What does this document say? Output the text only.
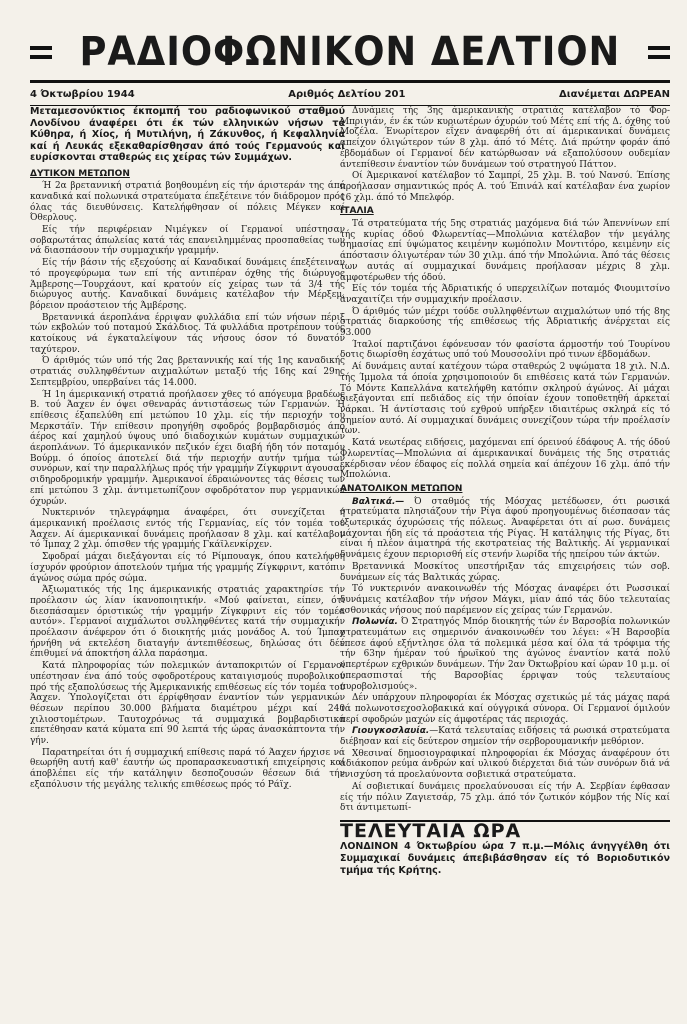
ΡΑΔΙΟΦΩΝΙΚΟΝ ΔΕΛΤΙΟΝ
4 Όκτωβρίου 1944	Αριθμός Δελτίου 201	Διανέμεται ΔΩΡΕΑΝ
Μεταμεσονύκτιος έκπομπή του ραδιοφωνικού σταθμού Λονδίνου άναφέρει ότι έκ τών ελληνικών νήσων τά Κύθηρα, ή Χίος, ή Μυτιλήνη, ή Ζάκυνθος, ή Κεφαλληνία καί ή Λευκάς εξεκαθαρίσθησαν άπό τούς Γερμανούς καί ευρίσκονται σταθερώς εις χείρας τών Συμμάχων.
ΔΥΤΙΚΟΝ ΜΕΤΩΠΟΝ

Ή 2α βρεταννική στρατιά βοηθουμένη είς τήν άριστεράν της άπό καναδικά καί πολωνικά στρατεύματα έπεξέτεινε τόν διάδρομον πρός όλας τάς διευθύνσεις. Κατελήφθησαν οί πόλεις Μέγκεν καί Όθερλους.

Είς τήν περιφέρειαν Νιμέγκεν οί Γερμανοί υπέστησαν σοβαρωτάτας άπωλείας κατά τάς επανειλημμένας προσπαθείας των νά διασπάσουν τήν συμμαχικήν γραμμήν.

Είς τήν βάσιν τής εξεχούσης αί Καναδικαί δυνάμεις έπεξέτειναν τό προγεφύρωμα των επί τής αντιπέραν όχθης τής διώρυγος Άμβερσης—Τουρχάουτ, καί κρατούν είς χείρας των τά 3/4 τής διώρυγος αυτής. Καναδικαί δυνάμεις κατέλαβον τήν Μέρξεμ, βόρειον προάστειον τής Άμβέρσης.

Βρεταννικά άεροπλάνα έρριψαν φυλλάδια επί τών νήσων πέριξ τών εκβολών τού ποταμού Σκάλδιος. Τά φυλλάδια προτρέπουν τούς κατοίκους νά έγκαταλείψουν τάς νήσους όσον τό δυνατόν ταχύτερον.

Ό άριθμός τών υπό τής 2ας βρεταννικής καί τής 1ης καναδικής στρατιάς συλληφθέντων αιχμαλώτων μεταξύ τής 16ης καί 29ης Σεπτεμβρίου, υπερβαίνει τάς 14.000.

Ή 1η άμερικανική στρατιά προήλασεν χθες τό απόγευμα βραδέως Β. τού Άαχεν έν όψει σθεναράς άντιστάσεως τών Γερμανών. Ή επίθεσις έξαπελύθη επί μετώπου 10 χλμ. είς τήν περιοχήν τού Μερκστάϊν. Τήν επίθεσιν προηγήθη σφοδρός βομβαρδισμός άπό άέρος καί χαμηλού ύψους υπό διαδοχικών κυμάτων συμμαχικών άεροπλάνων. Τό άμερικανικόν πεζικόν έχει διαβή ήδη τόν ποταμόν Βούρμ. ό όποίος άποτελεί διά τήν περιοχήν αυτήν τμήμα τών συνόρων, καί την παραλλήλως πρός τήν γραμμήν Ζίγκφριντ άγουσαν σιδηροδρομικήν γραμμήν. Άμερικανοί έδραιώνοντες τάς θέσεις των επί μετώπου 3 χλμ. άντιμετωπίζουν σφοδρότατον πυρ γερμανικών όχυρών.

Νυκτερινόν τηλεγράφημα άναφέρει, ότι συνεχίζεται ή άμερικανική προέλασις εντός τής Γερμανίας, είς τόν τομέα τού Άαχεν. Αί άμερικανικαί δυνάμεις προήλασαν 8 χλμ. καί κατέλαβον τό Ίμπαχ 2 χλμ. όπισθεν τής γραμμής Γκάϊλενκίρχεν.

Σφοδραί μάχαι διεξάγονται είς τό Ρίμπουαγκ, όπου κατελήφθη ίσχυρόν φρούριον άποτελούν τμήμα τής γραμμής Ζίγκφριντ, κατόπιν άγώνος σώμα πρός σώμα.

Άξιωματικός τής 1ης άμερικανικής στρατιάς χαρακτηρίσε τήν προέλασιν ώς λίαν ίκανοποιητικήν. «Μού φαίνεται, είπεν, ότι διεσπάσαμεν όριστικώς τήν γραμμήν Ζίγκφριντ είς τόν τομέα αυτόν». Γερμανοί αιχμάλωτοι συλληφθέντες κατά τήν συμμαχικήν προέλασιν άνέφερον ότι ό διοικητής μιάς μονάδος Α. τού Ίμπαχ ήρνήθη νά εκτελέση διαταγήν άντεπιθέσεως, δηλώσας ότι δέν έπιθυμεί νά άποκτήση άλλα παράσημα.

Κατά πληροφορίας τών πολεμικών άνταποκριτών οί Γερμανοί υπέστησαν ένα άπό τούς σφοδροτέρους καταιγισμούς πυροβολικού πρό τής εξαπολύσεως τής Άμερικανικής επιθέσεως είς τόν τομέα τού Άαχεν. Ύπολογίζεται ότι έρρίφθησαν έναντίον τών γερμανικών θέσεων περίπου 30.000 βλήματα διαμέτρου μέχρι καί 240 χιλιοστομέτρων. Ταυτοχρόνως τά συμμαχικά βομβαρδιστικά επετέθησαν κατά κύματα επί 90 λεπτά τής ώρας άνασκάπτοντα τήν γήν.

Παρατηρείται ότι ή συμμαχική επίθεσις παρά τό Άαχεν ήρχισε νά θεωρήθη αυτή καθ' έαυτήν ώς προπαρασκευαστική επιχείρησις καί άποβλέπει είς τήν κατάληψιν δεσποζουσών θέσεων διά τήν εξαπόλυσιν τής μεγάλης τελικής επιθέσεως πρός τό Ράϊχ.

Δυνάμεις τής 3ης άμερικανικής στρατιάς κατέλαβον τό Φορ-Μπριγιάν, έν έκ τών κυριωτέρων όχυρών τού Μέτς επί τής Δ. όχθης τού Μοζέλα. Ένωρίτερον εΐχεν άναφερθή ότι αί άμερικανικαί δυνάμεις απείχον όλιγώτερον τών 8 χλμ. άπό τό Μέτς. Διά πρώτην φοράν άπό έβδομάδων οί Γερμανοί δέν κατώρθωσαν νά εξαπολύσουν ουδεμίαν άντεπίθεσιν έναντίον τών δυνάμεων τού στρατηγού Πάττον.

Οί Άμερικανοί κατέλαβον τό Σαμπρί, 25 χλμ. Β. τού Νανσύ. Έπίσης προήλασαν σημαντικώς πρός Α. τού Έπινάλ καί κατέλαβαν ένα χωρίον 16 χλμ. άπό τό Μπελφόρ.

ΙΤΑΛΙΑ

Τά στρατεύματα τής 5ης στρατιάς μαχόμενα διά τών Άπεννίνων επί τής κυρίας όδού Φλωρεντίας—Μπολώνια κατέλαβον τήν μεγάλης σημασίας επί ύψώματος κειμένην κωμόπολιν Μοντιτόρο, κειμένην είς άπόστασιν όλιγωτέραν τών 30 χιλμ. άπό τήν Μπολώνια. Άπό τάς θέσεις των αυτάς αί συμμαχικαί δυνάμεις προήλασαν μέχρις 8 χλμ. άμφοτέρωθεν τής όδού.

Είς τόν τομέα τής Άδριατικής ό υπερχειλίζων ποταμός Φιουμιτσίνο άναχαιτίζει τήν συμμαχικήν προέλασιν.

Ό άριθμός τών μέχρι τούδε συλληφθέντων αιχμαλώτων υπό τής 8ης στρατιάς διαρκούσης τής επιθέσεως τής Άδριατικής άνέρχεται είς 93.000

Ίταλοί παρτιζάνοι έφόνευσαν τόν φασίστα άρμοστήν τού Τουρίνου δοτις διωρίσθη έσχάτως υπό τού Μουσσολίνι πρό τινων έβδομάδων.

Αί δυνάμεις αυταί κατέχουν τώρα σταθερώς 2 υψώματα 18 χιλ. Ν.Δ. τής Ίμμολα τά όποία χρησιμοποιούν δι επιθέσεις κατά τών Γερμανών. Τό Μόντε Καπελλάνα κατελήφθη κατόπιν σκληρού άγώνος. Αί μάχαι διεξάγονται επί πεδιάδος είς τήν όποίαν έχουν τοποθετηθή άρκεταί νάρκαι. Ή άντίστασις τού εχθρού υπήρξεν ιδιαιτέρως σκληρά είς τό σημείον αυτό. Αί συμμαχικαί δυνάμεις συνεχίζουν τώρα τήν προέλασίν των.

Κατά νεωτέρας ειδήσεις, μαχόμεναι επί όρεινού έδάφους Α. τής όδού Φλωρεντίας—Μπολώνια αί άμερικανικαί δυνάμεις τής 5ης στρατιάς εκέρδισαν νέον έδαφος είς πολλά σημεία καί άπέχουν 16 χλμ. άπό τήν Μπολώνια.

ΑΝΑΤΟΛΙΚΟΝ ΜΕΤΩΠΟΝ

Βαλτικά.— Ό σταθμός τής Μόσχας μετέδωσεν, ότι ρωσικά στρατεύματα πλησιάζουν τήν Ρίγα άφού προηγουμένως διέσπασαν τάς εξωτερικάς όχυρώσεις τής πόλεως. Άναφέρεται ότι αί ρωσ. δυνάμεις μάχονται ήδη είς τά προάστεια τής Ρίγας. Ή κατάληψις τής Ρίγας, δτι είναι ή πλέον άιματηρά τής εκστρατείας τής Βαλτικής. Αί γερμανικαί δυνάμεις έχουν περιορισθή είς στενήν λωρίδα τής ηπείρου τών άκτών.

Βρεταννικά Μοσκίτος υπεστήριξαν τάς επιχειρήσεις τών σοβ. δυνάμεων είς τάς Βαλτικάς χώρας.

Τό νυκτερινόν ανακοινωθέν τής Μόσχας άναφέρει ότι Ρωσσικαί δυνάμεις κατέλαβον τήν νήσον Μάγκι, μίαν άπό τάς δύο τελευταίας εσθονικάς νήσους πού παρέμενον είς χείρας τών Γερμανών.

Πολωνία. Ό Στρατηγός Μπόρ διοικητής τών έν Βαρσοβία πολωνικών στρατευμάτων εις σημερινόν άνακοινωθέν του λέγει: «Ή Βαρσοβία έπεσε άφού εξήντλησε όλα τά πολεμικά μέσα καί όλα τά τρόφιμα τής τήν 63ην ήμέραν τού ήρωϊκού της άγώνος έναντίον κατά πολύ υπερτέρων εχθρικών δυνάμεων. Τήν 2αν Όκτωβρίου καί ώραν 10 μ.μ. οί υπερασπισταί τής Βαρσοβίας έρριψαν τούς τελευταίους πυροβολισμούς».

Δέν υπάρχουν πληροφορίαι έκ Μόσχας σχετικώς μέ τάς μάχας παρά τά πολωνοτσεχοσλοβακικά καί ούγγρικά σύνορα. Οί Γερμανοί όμιλούν περί σφοδρών μαχών είς άμφοτέρας τάς περιοχάς.

Γιουγκοσλαυία.—Κατά τελευταίας ειδήσεις τά ρωσικά στρατεύματα διέβησαν καί είς δεύτερον σημείον τήν σερβορουμανικήν μεθόριον.

Χθεσιναί δημοσιογραφικαί πληροφορίαι έκ Μόσχας άναφέρουν ότι άδιάκοπον ρεύμα άνδρών καί υλικού διέρχεται διά τών συνόρων διά νά ενισχύση τά προελαύνοντα σοβιετικά στρατεύματα.

Αί σοβιετικαί δυνάμεις προελαύνουσαι είς τήν Α. Σερβίαν έφθασαν είς τήν πόλιν Ζαγιετσάρ, 75 χλμ. άπό τόν ζωτικόν κόμβον τής Νίς καί δτι άντιμετωπί-

ΤΕΛΕΥΤΑΙΑ ΩΡΑ
ΛΟΝΔΙΝΟΝ 4 Όκτωβρίου ώρα 7 π.μ.—Μόλις άνηγγέλθη ότι Συμμαχικαί δυνάμεις άπεβιβάσθησαν είς τό Βοριοδυτικόν τμήμα τής Κρήτης.
